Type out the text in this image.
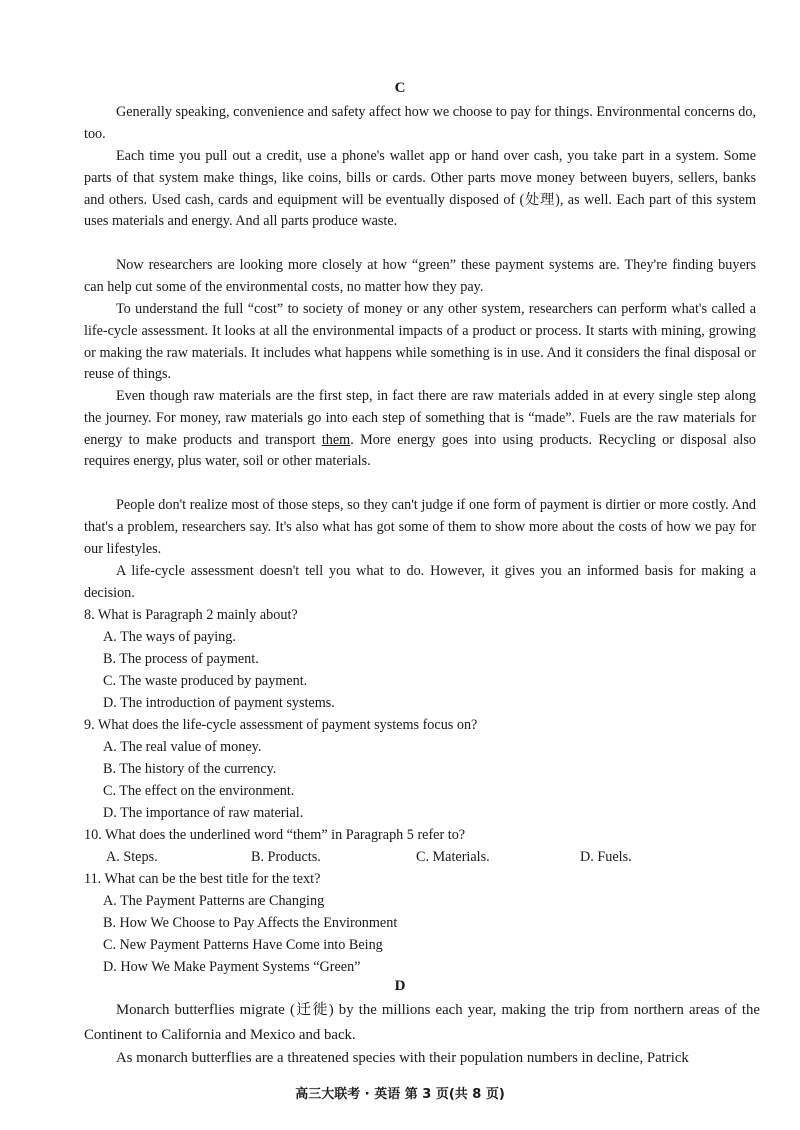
C

Generally speaking, convenience and safety affect how we choose to pay for things. Environmental concerns do, too.

Each time you pull out a credit, use a phone's wallet app or hand over cash, you take part in a system. Some parts of that system make things, like coins, bills or cards. Other parts move money between buyers, sellers, banks and others. Used cash, cards and equipment will be eventually disposed of (处理), as well. Each part of this system uses materials and energy. And all parts produce waste.

Now researchers are looking more closely at how “green” these payment systems are. They're finding buyers can help cut some of the environmental costs, no matter how they pay.

To understand the full “cost” to society of money or any other system, researchers can perform what's called a life-cycle assessment. It looks at all the environmental impacts of a product or process. It starts with mining, growing or making the raw materials. It includes what happens while something is in use. And it considers the final disposal or reuse of things.

Even though raw materials are the first step, in fact there are raw materials added in at every single step along the journey. For money, raw materials go into each step of something that is “made”. Fuels are the raw materials for energy to make products and transport them. More energy goes into using products. Recycling or disposal also requires energy, plus water, soil or other materials.

People don't realize most of those steps, so they can't judge if one form of payment is dirtier or more costly. And that's a problem, researchers say. It's also what has got some of them to show more about the costs of how we pay for our lifestyles.

A life-cycle assessment doesn't tell you what to do. However, it gives you an informed basis for making a decision.

8. What is Paragraph 2 mainly about?

A. The ways of paying.

B. The process of payment.

C. The waste produced by payment.

D. The introduction of payment systems.

9. What does the life-cycle assessment of payment systems focus on?

A. The real value of money.

B. The history of the currency.

C. The effect on the environment.

D. The importance of raw material.

10. What does the underlined word “them” in Paragraph 5 refer to?

A. Steps.	B. Products.	C. Materials.	D. Fuels.

11. What can be the best title for the text?

A. The Payment Patterns are Changing

B. How We Choose to Pay Affects the Environment

C. New Payment Patterns Have Come into Being

D. How We Make Payment Systems “Green”

D

Monarch butterflies migrate (迁徙) by the millions each year, making the trip from northern areas of the Continent to California and Mexico and back.

As monarch butterflies are a threatened species with their population numbers in decline, Patrick

高三大联考 · 英语 第 3 页(共 8 页)
